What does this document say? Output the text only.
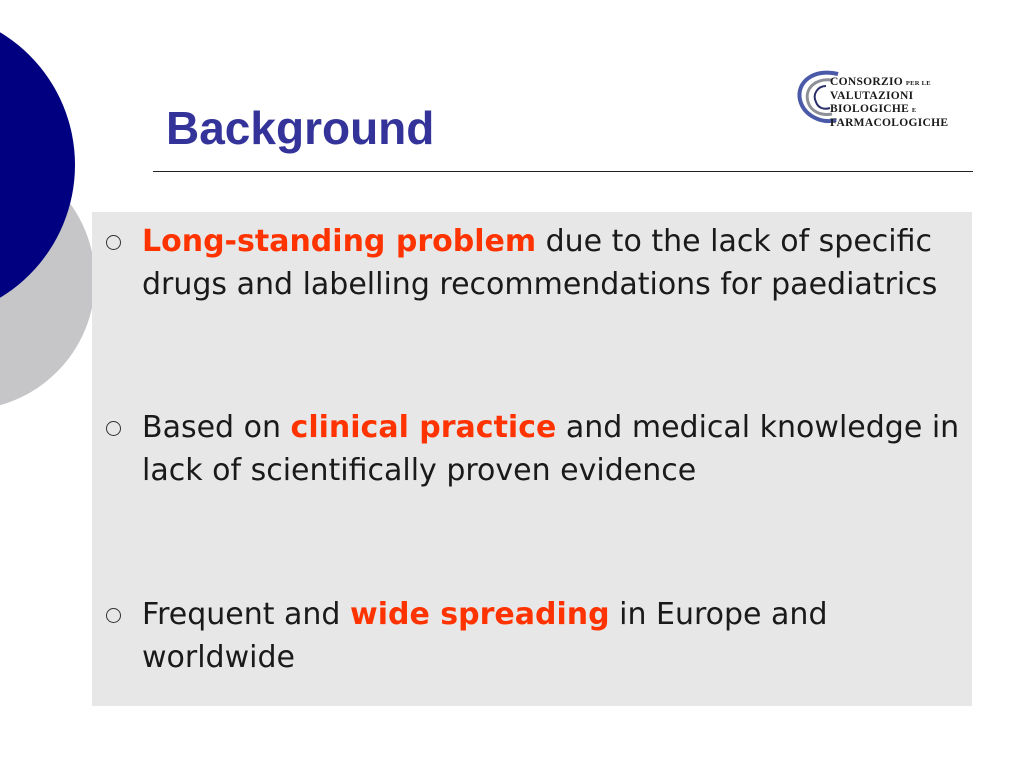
Background
CONSORZIO PER LE
VALUTAZIONI
BIOLOGICHE E
FARMACOLOGICHE
Long-standing problem due to the lack of specific drugs and labelling recommendations for paediatrics
Based on clinical practice and medical knowledge in lack of scientifically proven evidence
Frequent and wide spreading in Europe and worldwide
